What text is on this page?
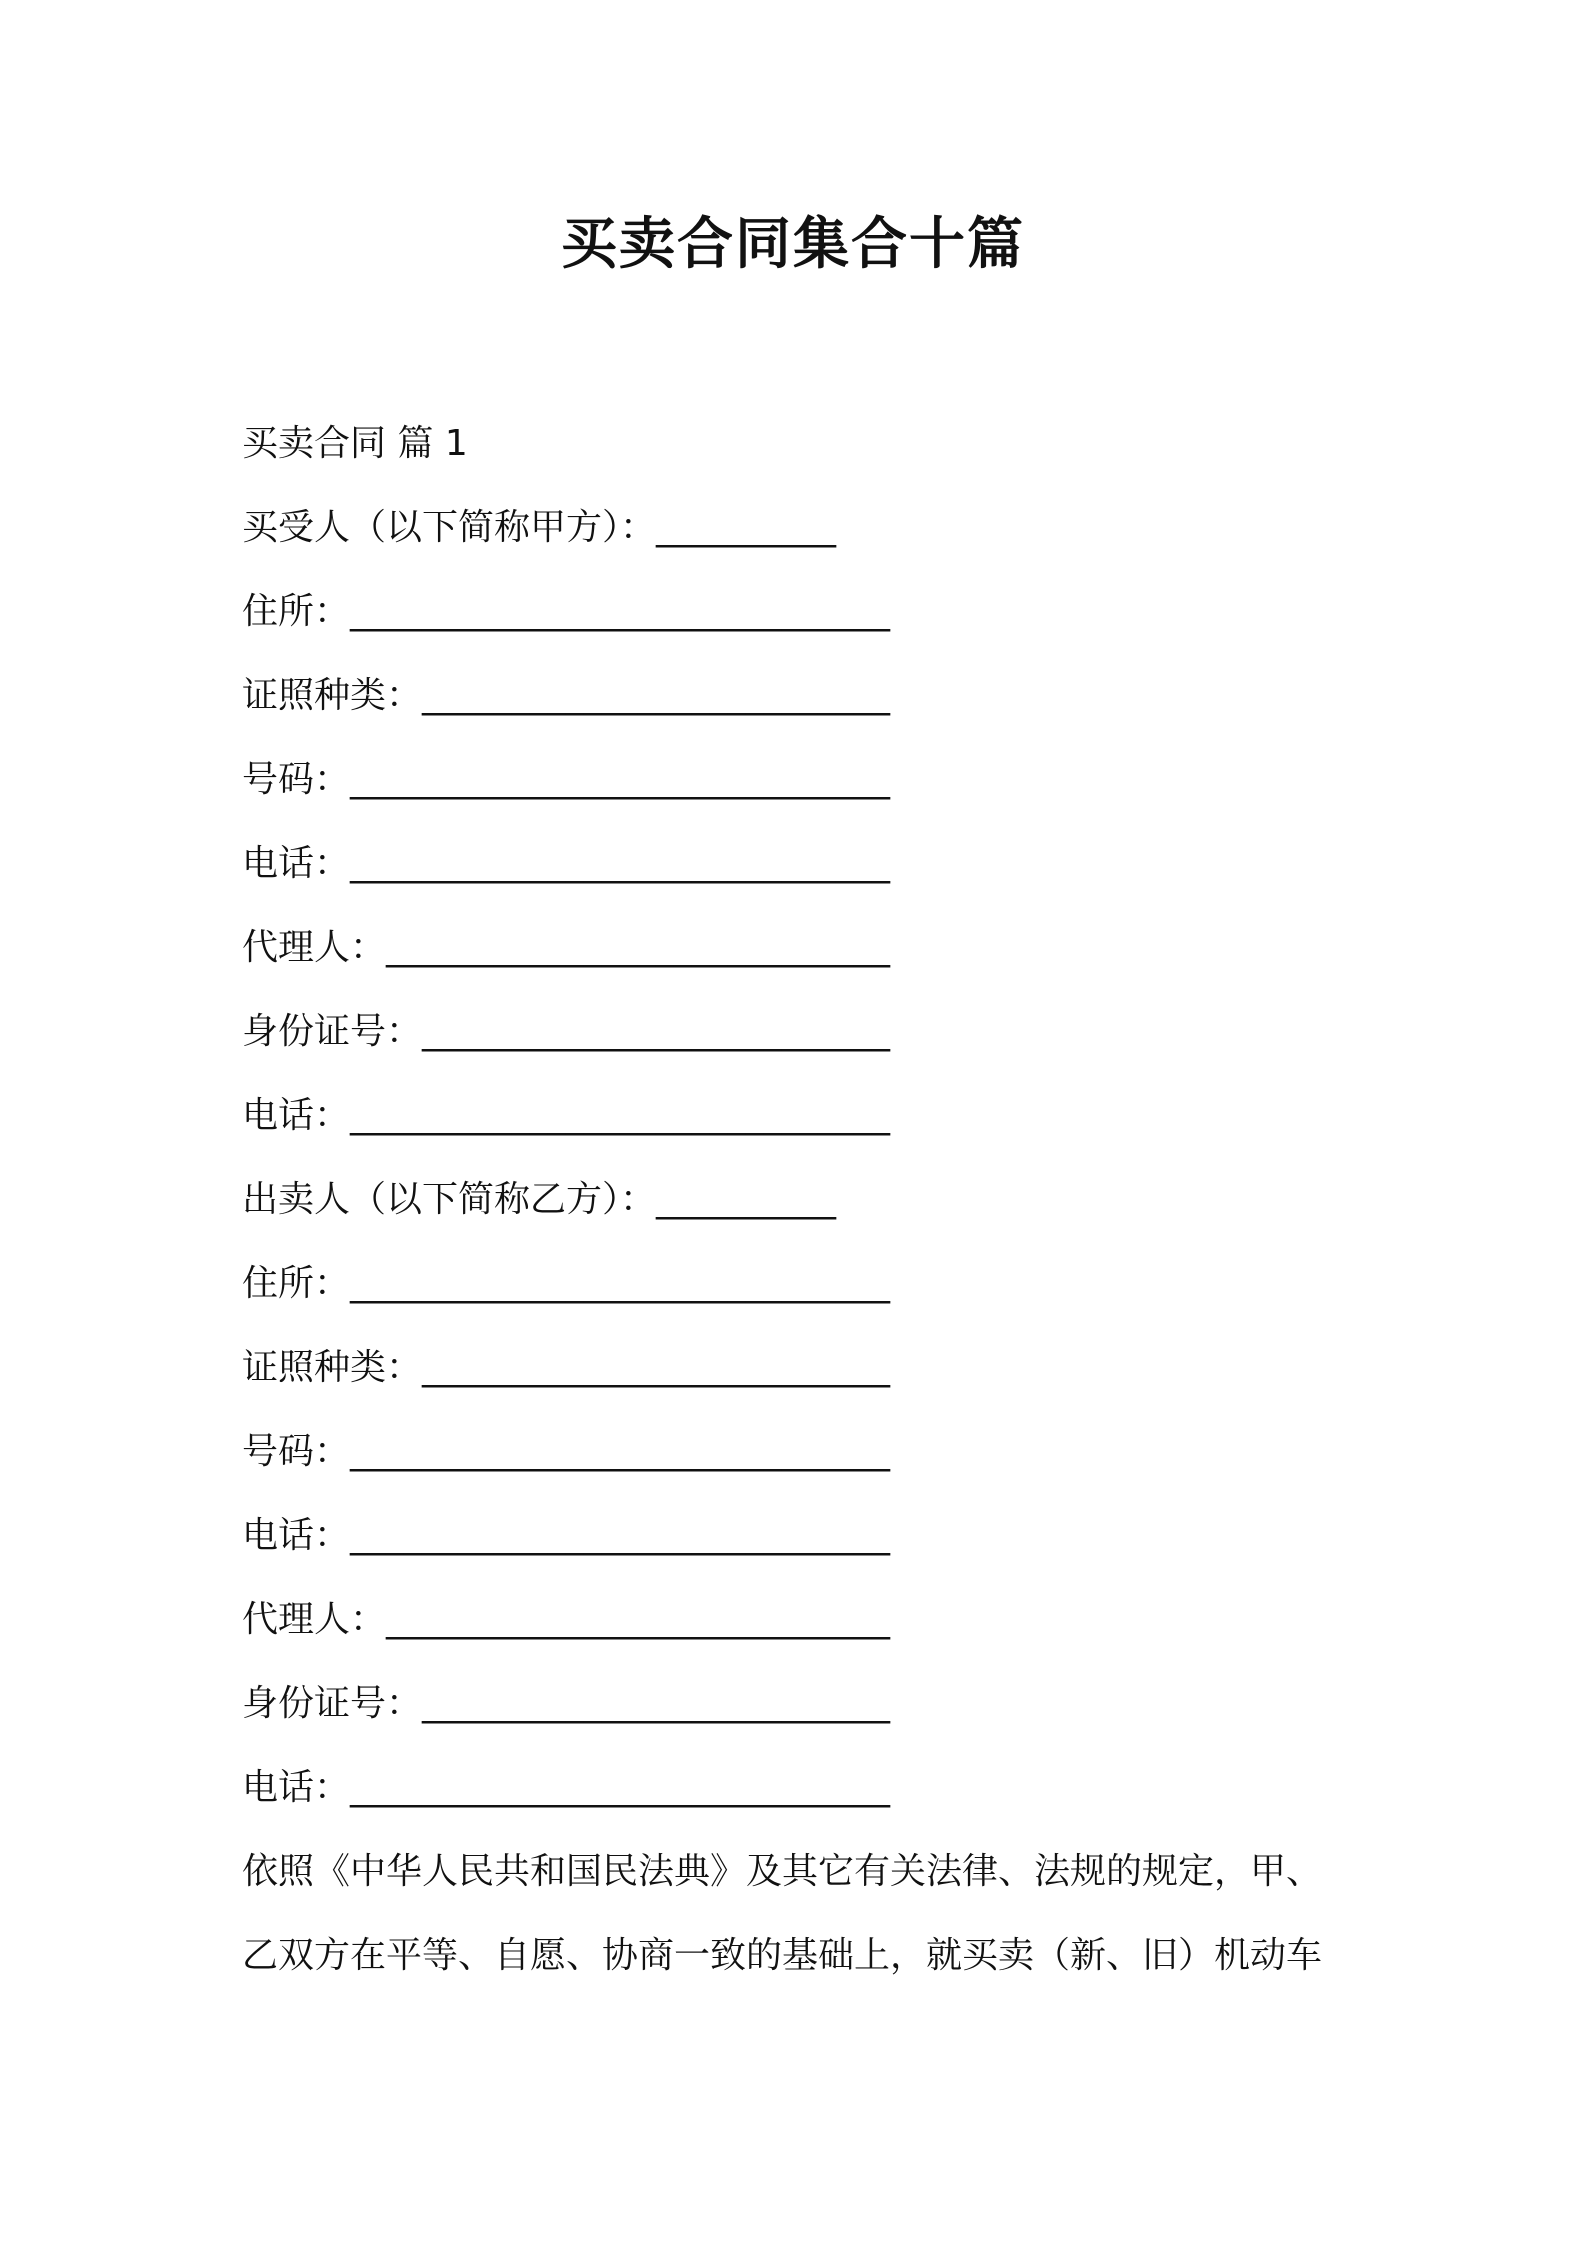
买卖合同集合十篇
买卖合同 篇 1
买受人（以下简称甲方）：__________
住所：______________________________
证照种类：__________________________
号码：______________________________
电话：______________________________
代理人：____________________________
身份证号：__________________________
电话：______________________________
出卖人（以下简称乙方）：__________
住所：______________________________
证照种类：__________________________
号码：______________________________
电话：______________________________
代理人：____________________________
身份证号：__________________________
电话：______________________________
依照《中华人民共和国民法典》及其它有关法律、法规的规定，甲、
乙双方在平等、自愿、协商一致的基础上，就买卖（新、旧）机动车
